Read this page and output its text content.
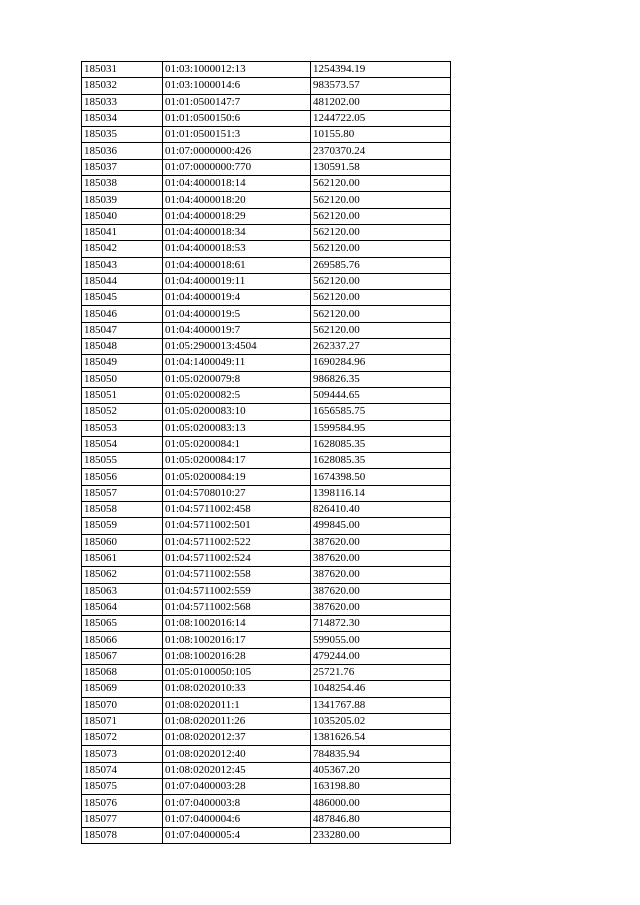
185031	01:03:1000012:13	1254394.19
185032	01:03:1000014:6	983573.57
185033	01:01:0500147:7	481202.00
185034	01:01:0500150:6	1244722.05
185035	01:01:0500151:3	10155.80
185036	01:07:0000000:426	2370370.24
185037	01:07:0000000:770	130591.58
185038	01:04:4000018:14	562120.00
185039	01:04:4000018:20	562120.00
185040	01:04:4000018:29	562120.00
185041	01:04:4000018:34	562120.00
185042	01:04:4000018:53	562120.00
185043	01:04:4000018:61	269585.76
185044	01:04:4000019:11	562120.00
185045	01:04:4000019:4	562120.00
185046	01:04:4000019:5	562120.00
185047	01:04:4000019:7	562120.00
185048	01:05:2900013:4504	262337.27
185049	01:04:1400049:11	1690284.96
185050	01:05:0200079:8	986826.35
185051	01:05:0200082:5	509444.65
185052	01:05:0200083:10	1656585.75
185053	01:05:0200083:13	1599584.95
185054	01:05:0200084:1	1628085.35
185055	01:05:0200084:17	1628085.35
185056	01:05:0200084:19	1674398.50
185057	01:04:5708010:27	1398116.14
185058	01:04:5711002:458	826410.40
185059	01:04:5711002:501	499845.00
185060	01:04:5711002:522	387620.00
185061	01:04:5711002:524	387620.00
185062	01:04:5711002:558	387620.00
185063	01:04:5711002:559	387620.00
185064	01:04:5711002:568	387620.00
185065	01:08:1002016:14	714872.30
185066	01:08:1002016:17	599055.00
185067	01:08:1002016:28	479244.00
185068	01:05:0100050:105	25721.76
185069	01:08:0202010:33	1048254.46
185070	01:08:0202011:1	1341767.88
185071	01:08:0202011:26	1035205.02
185072	01:08:0202012:37	1381626.54
185073	01:08:0202012:40	784835.94
185074	01:08:0202012:45	405367.20
185075	01:07:0400003:28	163198.80
185076	01:07:0400003:8	486000.00
185077	01:07:0400004:6	487846.80
185078	01:07:0400005:4	233280.00
